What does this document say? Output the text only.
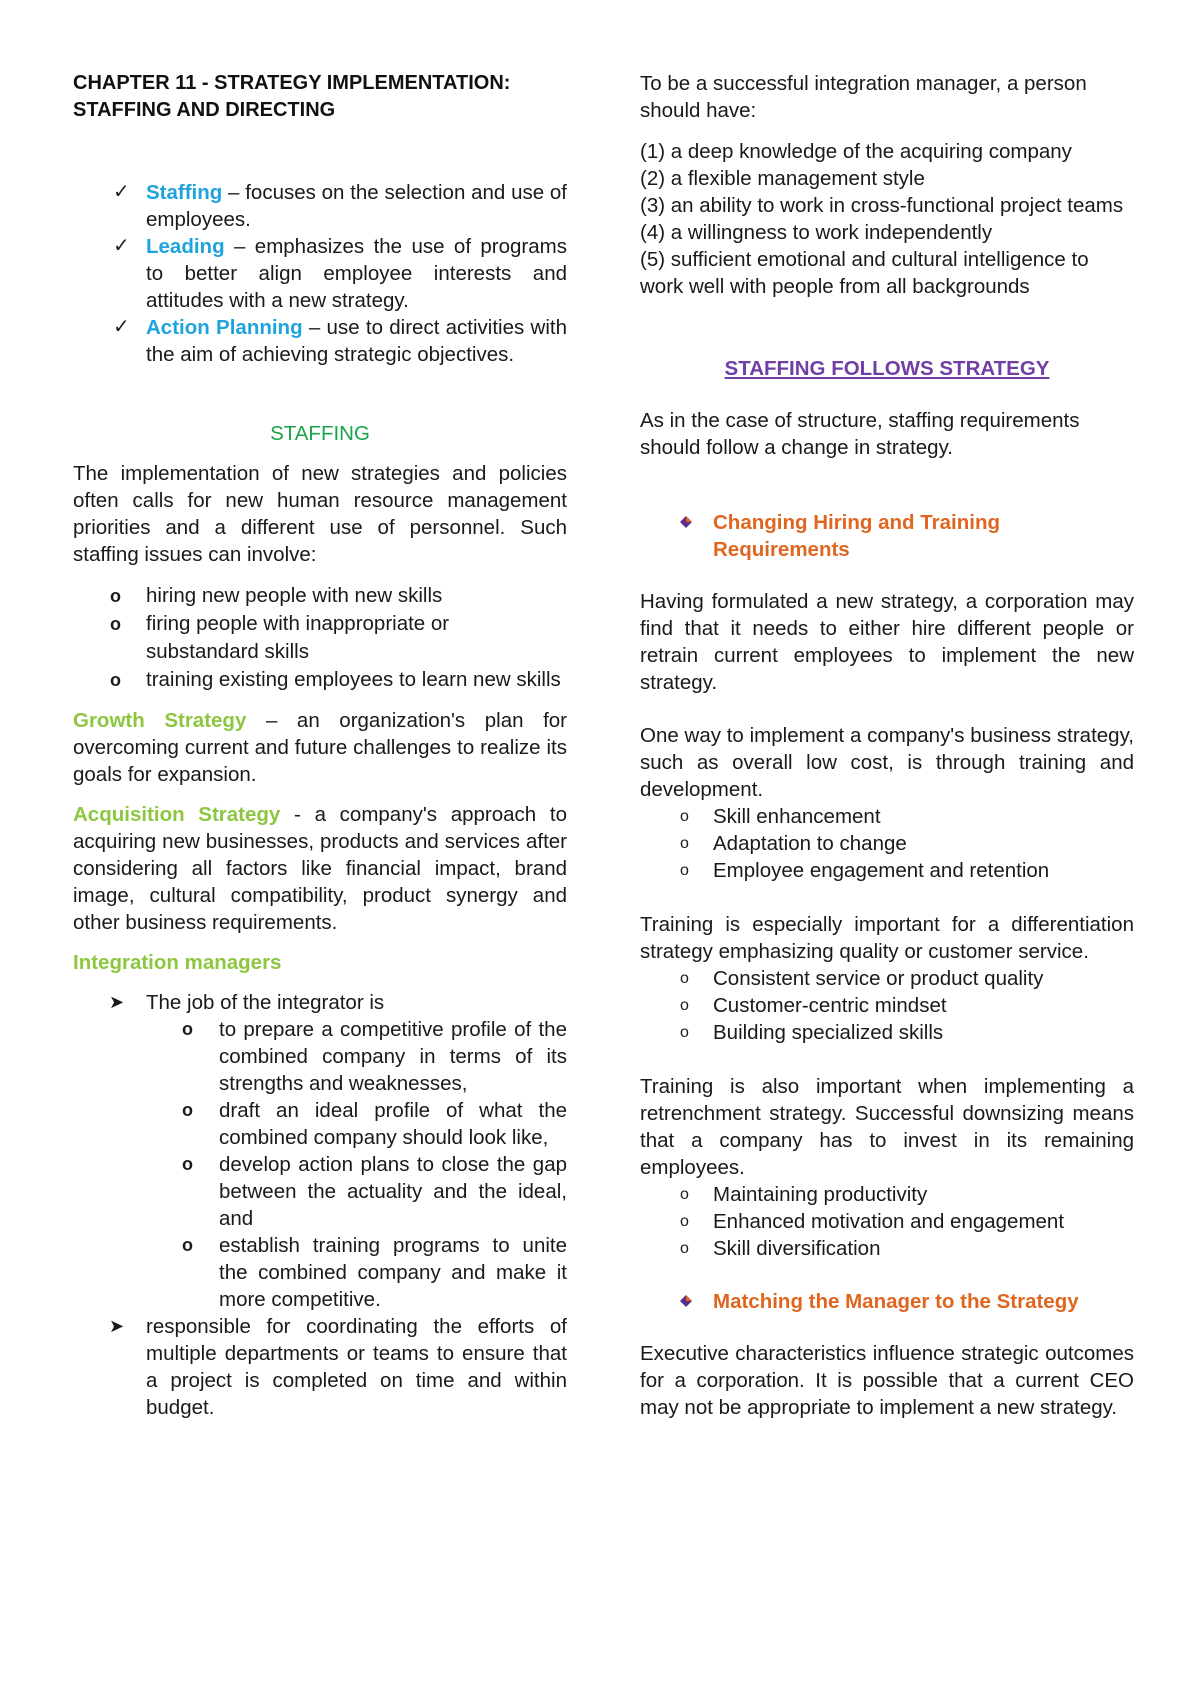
CHAPTER 11 - STRATEGY IMPLEMENTATION:

STAFFING AND DIRECTING

✓ Staffing – focuses on the selection and use of employees.
✓ Leading – emphasizes the use of programs to better align employee interests and attitudes with a new strategy.
✓ Action Planning – use to direct activities with the aim of achieving strategic objectives.

STAFFING

The implementation of new strategies and policies often calls for new human resource management priorities and a different use of personnel. Such staffing issues can involve:

o hiring new people with new skills
o firing people with inappropriate or substandard skills
o training existing employees to learn new skills

Growth Strategy – an organization's plan for overcoming current and future challenges to realize its goals for expansion.

Acquisition Strategy - a company's approach to acquiring new businesses, products and services after considering all factors like financial impact, brand image, cultural compatibility, product synergy and other business requirements.

Integration managers

➤ The job of the integrator is
o to prepare a competitive profile of the combined company in terms of its strengths and weaknesses,
o draft an ideal profile of what the combined company should look like,
o develop action plans to close the gap between the actuality and the ideal, and
o establish training programs to unite the combined company and make it more competitive.
➤ responsible for coordinating the efforts of multiple departments or teams to ensure that a project is completed on time and within budget.

To be a successful integration manager, a person should have:

(1) a deep knowledge of the acquiring company
(2) a flexible management style
(3) an ability to work in cross-functional project teams
(4) a willingness to work independently
(5) sufficient emotional and cultural intelligence to work well with people from all backgrounds

STAFFING FOLLOWS STRATEGY

As in the case of structure, staffing requirements should follow a change in strategy.

Changing Hiring and Training
Requirements

Having formulated a new strategy, a corporation may find that it needs to either hire different people or retrain current employees to implement the new strategy.

One way to implement a company's business strategy, such as overall low cost, is through training and development.

o Skill enhancement
o Adaptation to change
o Employee engagement and retention

Training is especially important for a differentiation strategy emphasizing quality or customer service.

o Consistent service or product quality
o Customer-centric mindset
o Building specialized skills

Training is also important when implementing a retrenchment strategy. Successful downsizing means that a company has to invest in its remaining employees.

o Maintaining productivity
o Enhanced motivation and engagement
o Skill diversification
Matching the Manager to the Strategy

Executive characteristics influence strategic outcomes for a corporation. It is possible that a current CEO may not be appropriate to implement a new strategy.
